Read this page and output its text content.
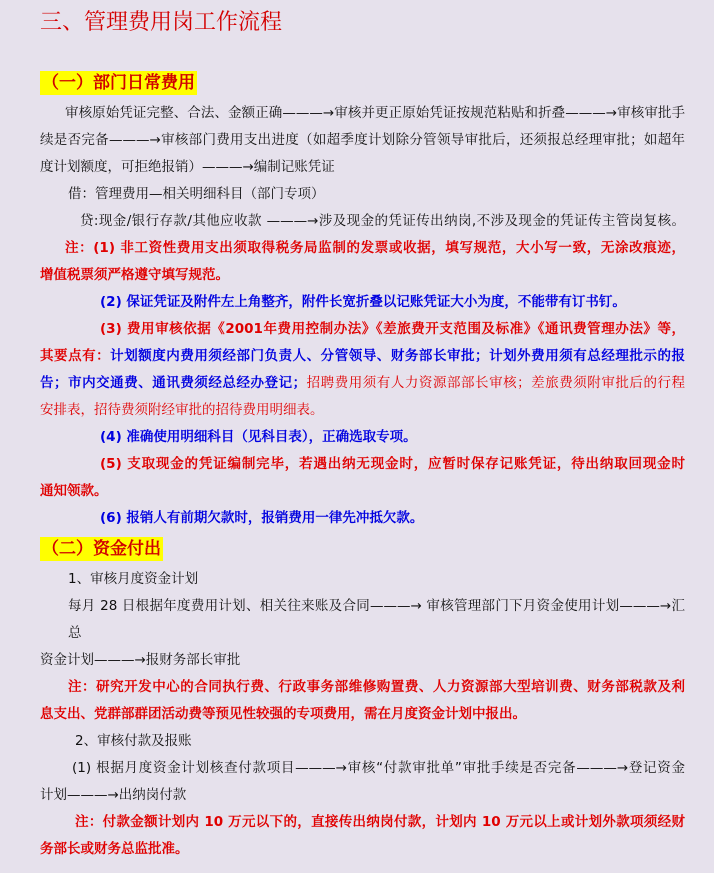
三、管理费用岗工作流程
（一）部门日常费用
审核原始凭证完整、合法、金额正确———→审核并更正原始凭证按规范粘贴和折叠———→审核审批手
续是否完备———→审核部门费用支出进度（如超季度计划除分管领导审批后，还须报总经理审批；如超年
度计划额度，可拒绝报销）———→编制记账凭证
借：管理费用—相关明细科目（部门专项）
贷:现金/银行存款/其他应收款 ———→涉及现金的凭证传出纳岗,不涉及现金的凭证传主管岗复核。
注：(1) 非工资性费用支出须取得税务局监制的发票或收据，填写规范，大小写一致，无涂改痕迹，
增值税票须严格遵守填写规范。
(2) 保证凭证及附件左上角整齐，附件长宽折叠以记账凭证大小为度，不能带有订书钉。
(3) 费用审核依据《2001年费用控制办法》《差旅费开支范围及标准》《通讯费管理办法》等，
其要点有：计划额度内费用须经部门负责人、分管领导、财务部长审批；计划外费用须有总经理批示的报
告；市内交通费、通讯费须经总经办登记；招聘费用须有人力资源部部长审核；差旅费须附审批后的行程
安排表，招待费须附经审批的招待费用明细表。
(4) 准确使用明细科目（见科目表），正确选取专项。
(5) 支取现金的凭证编制完毕，若遇出纳无现金时，应暂时保存记账凭证，待出纳取回现金时
通知领款。
(6) 报销人有前期欠款时，报销费用一律先冲抵欠款。
（二）资金付出
1、审核月度资金计划
每月 28 日根据年度费用计划、相关往来账及合同———→ 审核管理部门下月资金使用计划———→汇总
资金计划———→报财务部长审批
注：研究开发中心的合同执行费、行政事务部维修购置费、人力资源部大型培训费、财务部税款及利
息支出、党群部群团活动费等预见性较强的专项费用，需在月度资金计划中报出。
2、审核付款及报账
(1) 根据月度资金计划核查付款项目———→审核“付款审批单”审批手续是否完备———→登记资金
计划———→出纳岗付款
注：付款金额计划内 10 万元以下的，直接传出纳岗付款，计划内 10 万元以上或计划外款项须经财
务部长或财务总监批准。
